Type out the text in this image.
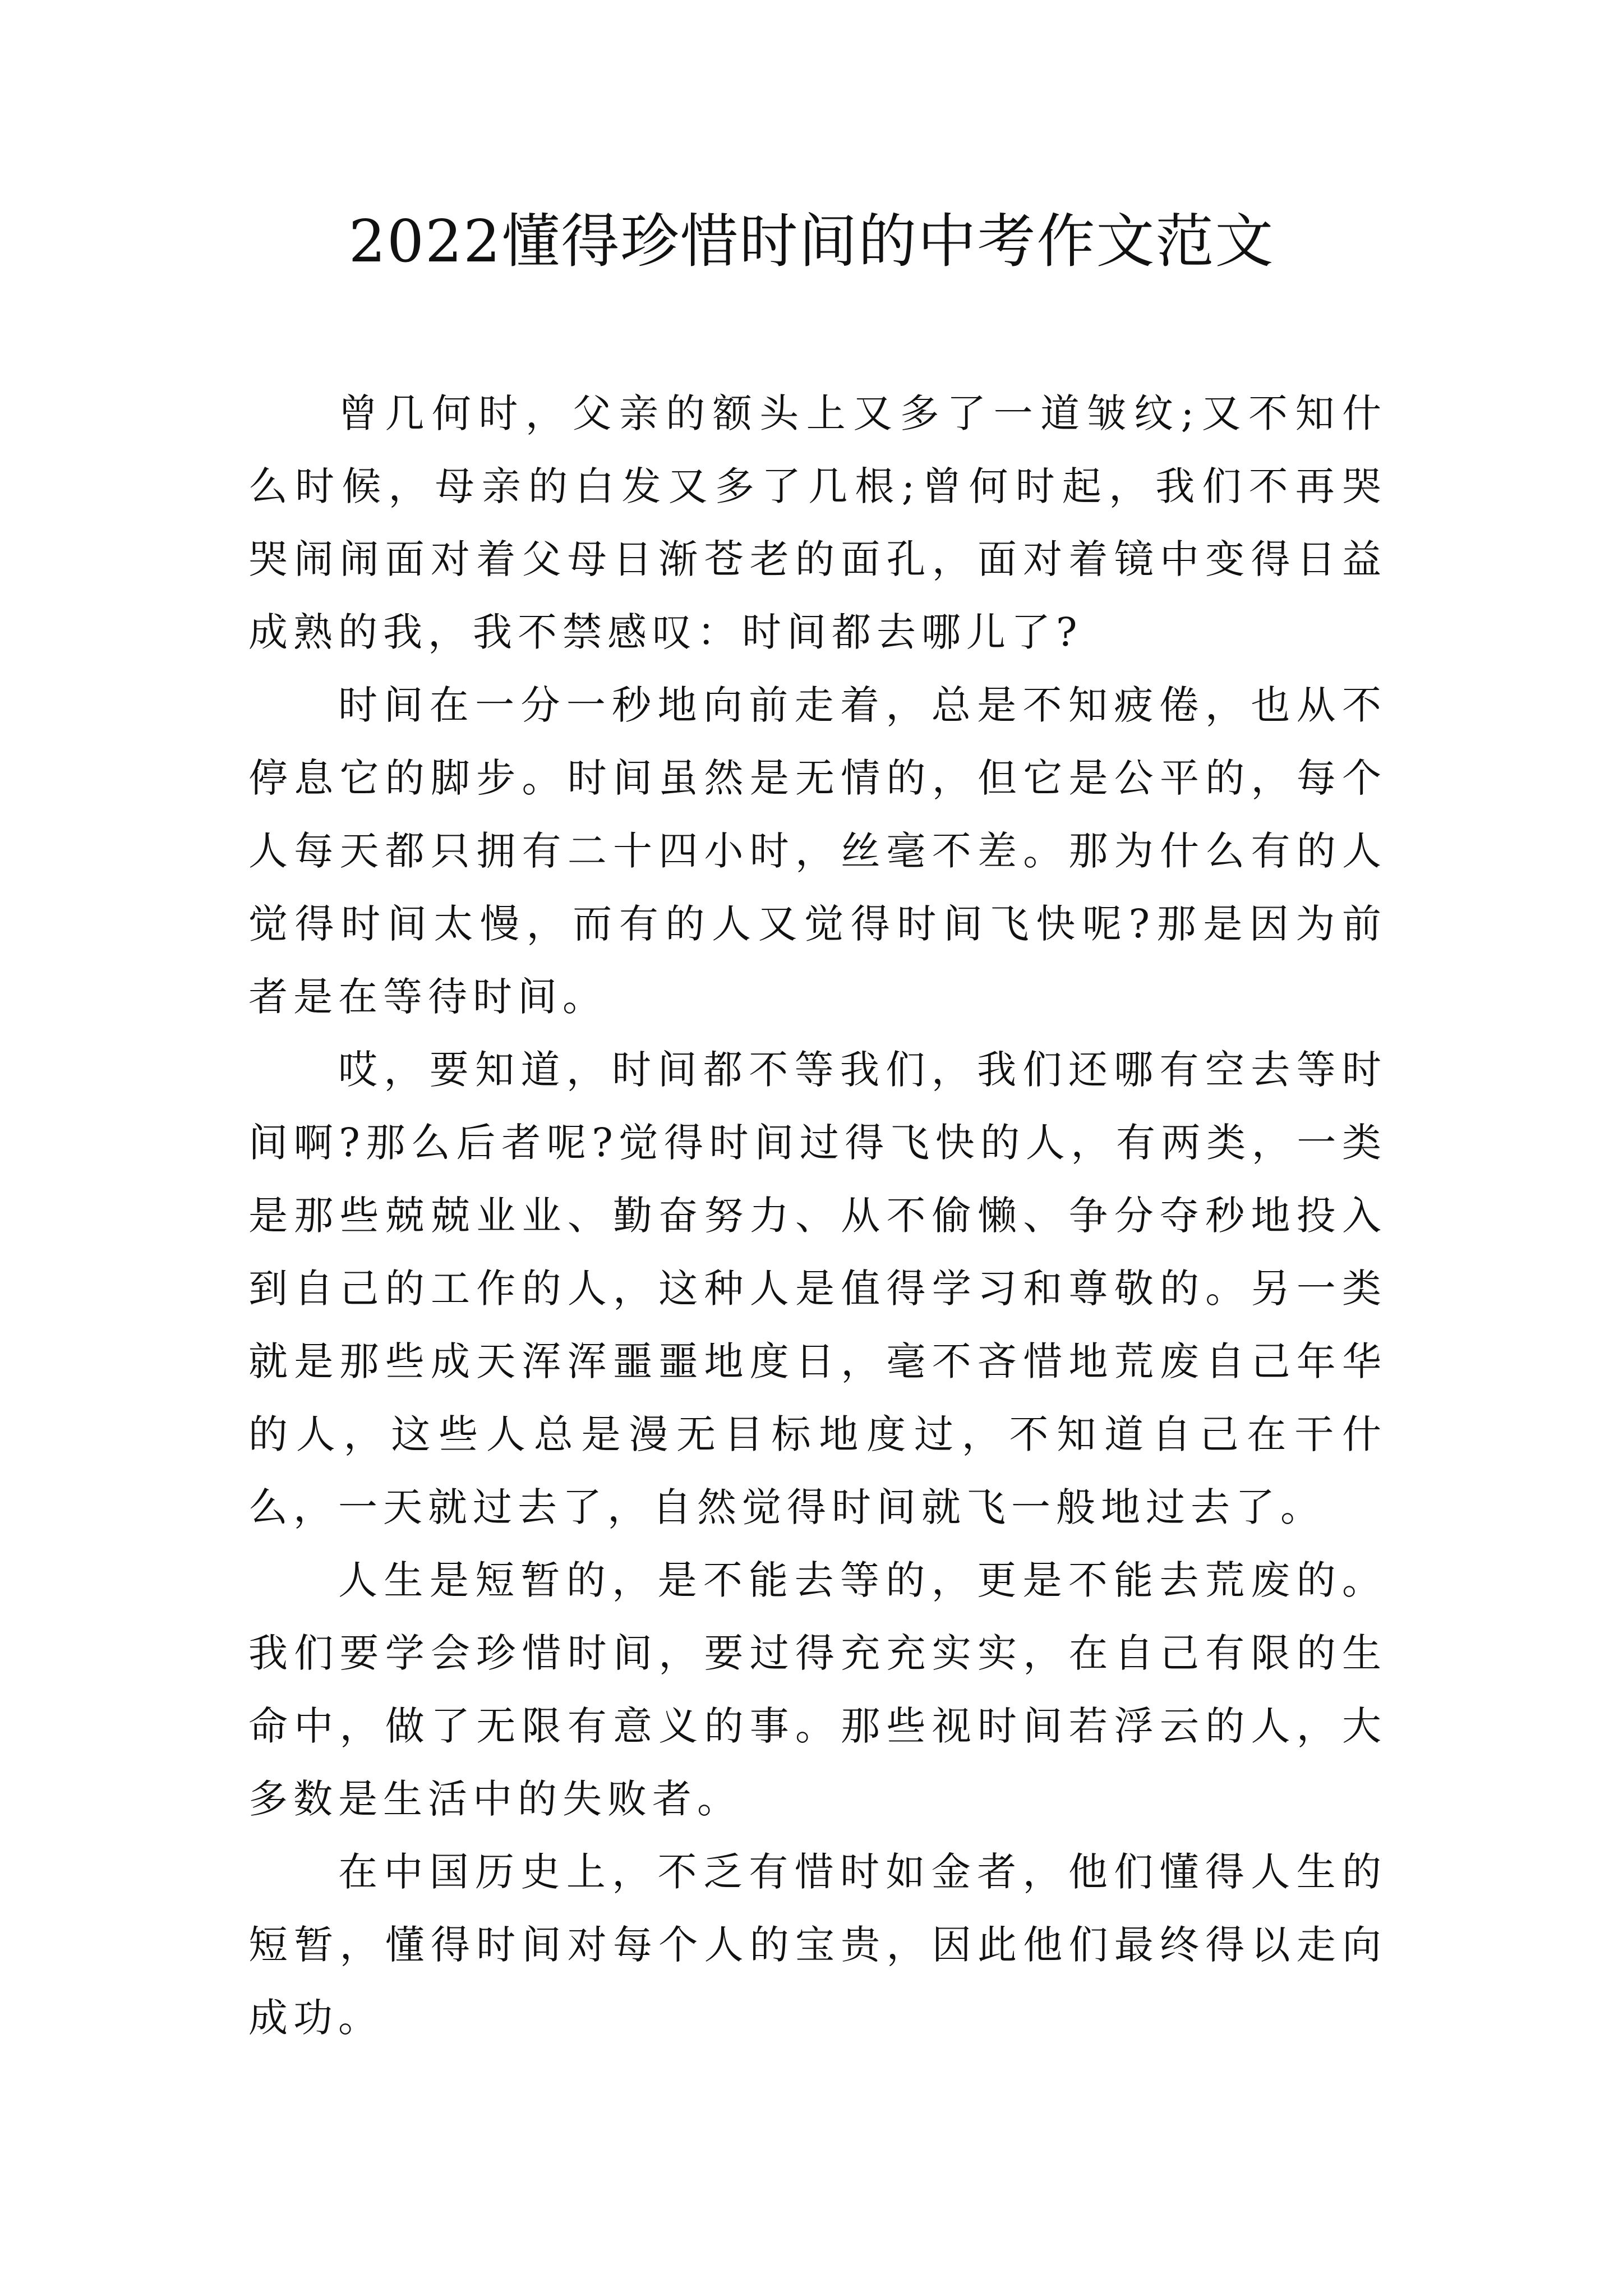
2022懂得珍惜时间的中考作文范文

曾几何时，父亲的额头上又多了一道皱纹;又不知什么时候，母亲的白发又多了几根;曾何时起，我们不再哭哭闹闹面对着父母日渐苍老的面孔，面对着镜中变得日益成熟的我，我不禁感叹：时间都去哪儿了?

时间在一分一秒地向前走着，总是不知疲倦，也从不停息它的脚步。时间虽然是无情的，但它是公平的，每个人每天都只拥有二十四小时，丝毫不差。那为什么有的人觉得时间太慢，而有的人又觉得时间飞快呢?那是因为前者是在等待时间。

哎，要知道，时间都不等我们，我们还哪有空去等时间啊?那么后者呢?觉得时间过得飞快的人，有两类，一类是那些兢兢业业、勤奋努力、从不偷懒、争分夺秒地投入到自己的工作的人，这种人是值得学习和尊敬的。另一类就是那些成天浑浑噩噩地度日，毫不吝惜地荒废自己年华的人，这些人总是漫无目标地度过，不知道自己在干什么，一天就过去了，自然觉得时间就飞一般地过去了。

人生是短暂的，是不能去等的，更是不能去荒废的。我们要学会珍惜时间，要过得充充实实，在自己有限的生命中，做了无限有意义的事。那些视时间若浮云的人，大多数是生活中的失败者。

在中国历史上，不乏有惜时如金者，他们懂得人生的短暂，懂得时间对每个人的宝贵，因此他们最终得以走向成功。
